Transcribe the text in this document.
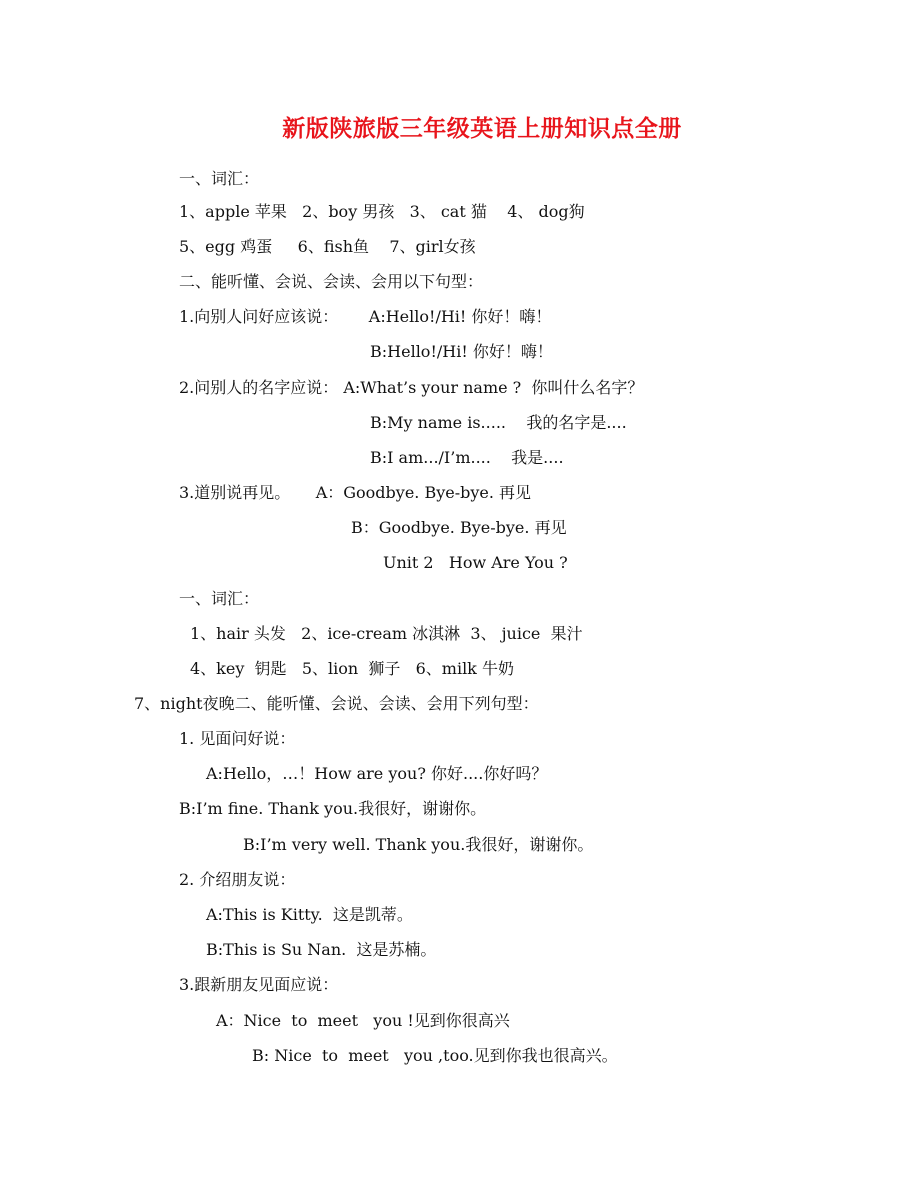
新版陕旅版三年级英语上册知识点全册
一、词汇：
1、apple 苹果   2、boy 男孩   3、 cat 猫    4、 dog狗
5、egg 鸡蛋     6、fish鱼    7、girl女孩
二、能听懂、会说、会读、会用以下句型：
1.向别人问好应该说：      A:Hello!/Hi! 你好！嗨！
B:Hello!/Hi! 你好！嗨！
2.问别人的名字应说： A:What’s your name ?  你叫什么名字？
B:My name is.....    我的名字是....
B:I am.../I’m....    我是....
3.道别说再见。     A：Goodbye. Bye-bye. 再见
B：Goodbye. Bye-bye. 再见
Unit 2   How Are You ?
一、词汇：
1、hair 头发   2、ice-cream 冰淇淋  3、 juice  果汁
4、key  钥匙   5、lion  狮子   6、milk 牛奶
7、night夜晚二、能听懂、会说、会读、会用下列句型：
1. 见面问好说：
A:Hello，…！How are you? 你好....你好吗？
B:I’m fine. Thank you.我很好，谢谢你。
B:I’m very well. Thank you.我很好，谢谢你。
2. 介绍朋友说：
A:This is Kitty.  这是凯蒂。
B:This is Su Nan.  这是苏楠。
3.跟新朋友见面应说：
A：Nice  to  meet   you !见到你很高兴
B: Nice  to  meet   you ,too.见到你我也很高兴。
